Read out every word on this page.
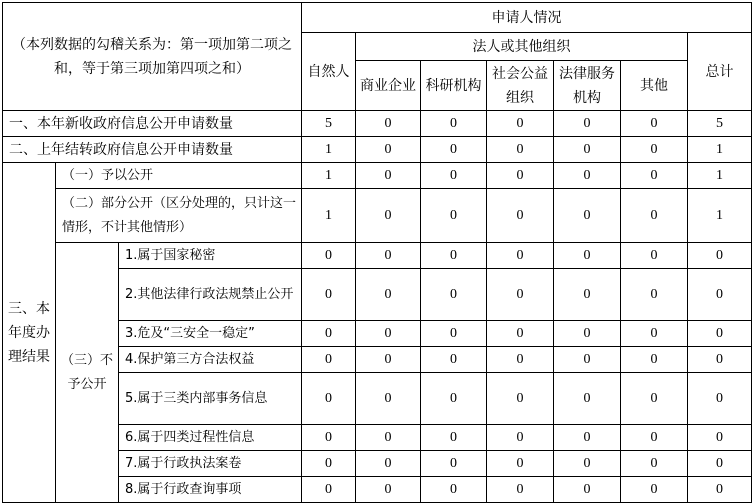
（本列数据的勾稽关系为：第一项加第二项之和，等于第三项加第四项之和）			申请人情况						
			自然人	法人或其他组织					总计
				商业企业	科研机构	社会公益组织	法律服务机构	其他	
一、本年新收政府信息公开申请数量			5	0	0	0	0	0	5
二、上年结转政府信息公开申请数量			1	0	0	0	0	0	1
三、本年度办理结果	（一）予以公开		1	0	0	0	0	0	1
	（二）部分公开（区分处理的，只计这一情形，不计其他情形）		1	0	0	0	0	0	1
	（三）不予公开	1.属于国家秘密	0	0	0	0	0	0	0
		2.其他法律行政法规禁止公开	0	0	0	0	0	0	0
		3.危及“三安全一稳定”	0	0	0	0	0	0	0
		4.保护第三方合法权益	0	0	0	0	0	0	0
		5.属于三类内部事务信息	0	0	0	0	0	0	0
		6.属于四类过程性信息	0	0	0	0	0	0	0
		7.属于行政执法案卷	0	0	0	0	0	0	0
		8.属于行政查询事项	0	0	0	0	0	0	0
